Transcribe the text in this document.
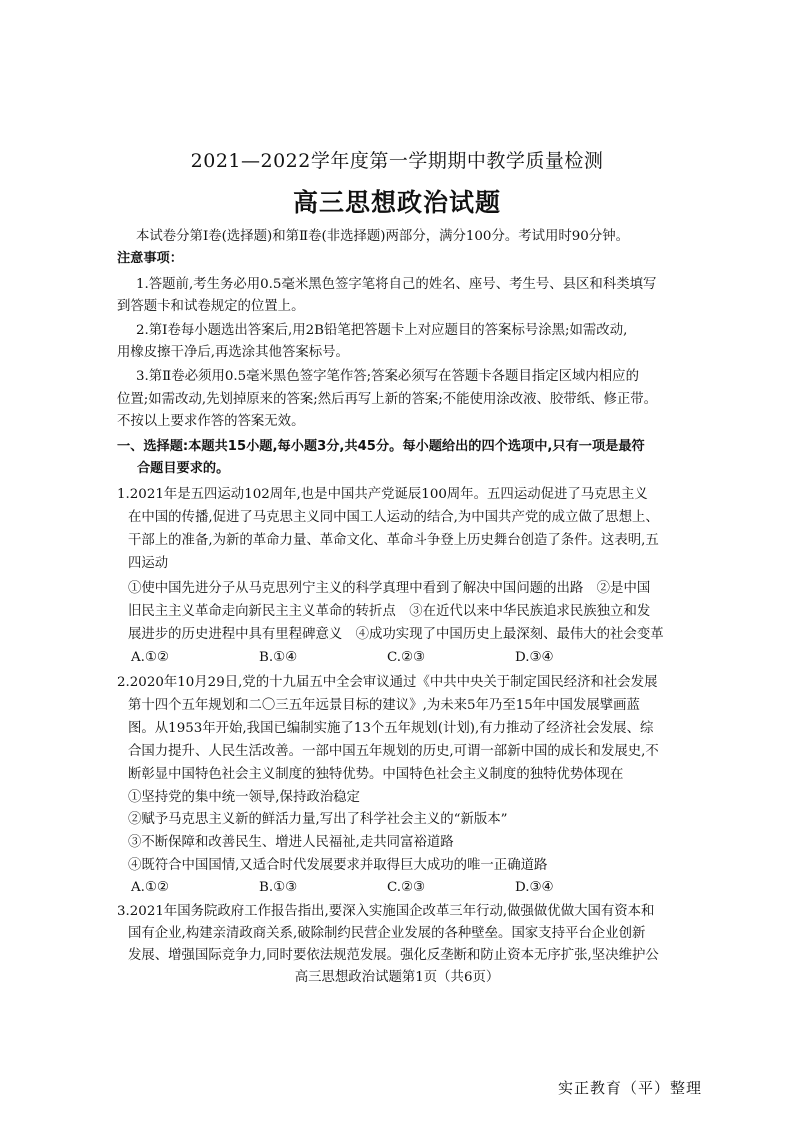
2021—2022学年度第一学期期中教学质量检测
高三思想政治试题
本试卷分第Ⅰ卷(选择题)和第Ⅱ卷(非选择题)两部分，满分100分。考试用时90分钟。
注意事项：
1.答题前,考生务必用0.5毫米黑色签字笔将自己的姓名、座号、考生号、县区和科类填写
到答题卡和试卷规定的位置上。
2.第Ⅰ卷每小题选出答案后,用2B铅笔把答题卡上对应题目的答案标号涂黑;如需改动,
用橡皮擦干净后,再选涂其他答案标号。
3.第Ⅱ卷必须用0.5毫米黑色签字笔作答;答案必须写在答题卡各题目指定区域内相应的
位置;如需改动,先划掉原来的答案;然后再写上新的答案;不能使用涂改液、胶带纸、修正带。
不按以上要求作答的答案无效。
一、选择题:本题共15小题,每小题3分,共45分。每小题给出的四个选项中,只有一项是最符
合题目要求的。
1.2021年是五四运动102周年,也是中国共产党诞辰100周年。五四运动促进了马克思主义
在中国的传播,促进了马克思主义同中国工人运动的结合,为中国共产党的成立做了思想上、
干部上的准备,为新的革命力量、革命文化、革命斗争登上历史舞台创造了条件。这表明,五
四运动
①使中国先进分子从马克思列宁主义的科学真理中看到了解决中国问题的出路　②是中国
旧民主主义革命走向新民主主义革命的转折点　③在近代以来中华民族追求民族独立和发
展进步的历史进程中具有里程碑意义　④成功实现了中国历史上最深刻、最伟大的社会变革
A.①②	B.①④	C.②③	D.③④
2.2020年10月29日,党的十九届五中全会审议通过《中共中央关于制定国民经济和社会发展
第十四个五年规划和二〇三五年远景目标的建议》,为未来5年乃至15年中国发展擘画蓝
图。从1953年开始,我国已编制实施了13个五年规划(计划),有力推动了经济社会发展、综
合国力提升、人民生活改善。一部中国五年规划的历史,可谓一部新中国的成长和发展史,不
断彰显中国特色社会主义制度的独特优势。中国特色社会主义制度的独特优势体现在
①坚持党的集中统一领导,保持政治稳定
②赋予马克思主义新的鲜活力量,写出了科学社会主义的“新版本”
③不断保障和改善民生、增进人民福祉,走共同富裕道路
④既符合中国国情,又适合时代发展要求并取得巨大成功的唯一正确道路
A.①②	B.①③	C.②③	D.③④
3.2021年国务院政府工作报告指出,要深入实施国企改革三年行动,做强做优做大国有资本和
国有企业,构建亲清政商关系,破除制约民营企业发展的各种壁垒。国家支持平台企业创新
发展、增强国际竞争力,同时要依法规范发展。强化反垄断和防止资本无序扩张,坚决维护公
高三思想政治试题第1页（共6页）
实正教育（平）整理
